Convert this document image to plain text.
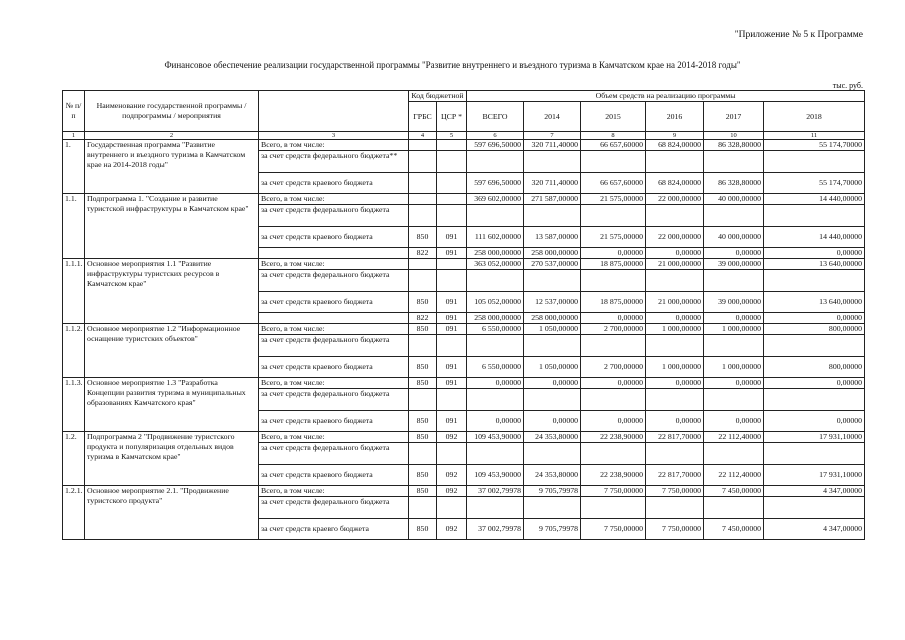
"Приложение № 5 к Программе
Финансовое обеспечение реализации государственной программы "Развитие внутреннего и въездного туризма в Камчатском крае на 2014-2018 годы"
тыс. руб.
№ п/п	Наименование государственной программы / подпрограммы / мероприятия		Код бюджетной		Объем средств на реализацию программы					
			ГРБС	ЦСР *	ВСЕГО	2014	2015	2016	2017	2018
1	2	3	4	5	6	7	8	9	10	11
1.	Государственная программа "Развитие внутреннего и въездного туризма в Камчатском крае на 2014-2018 годы"	Всего, в том числе:			597 696,50000	320 711,40000	66 657,60000	68 824,00000	86 328,80000	55 174,70000
		за счет средств федерального бюджета**								
		за счет средств краевого бюджета			597 696,50000	320 711,40000	66 657,60000	68 824,00000	86 328,80000	55 174,70000
1.1.	Подпрограмма 1. "Создание и развитие туристской инфраструктуры в Камчатском крае"	Всего, в том числе:			369 602,00000	271 587,00000	21 575,00000	22 000,00000	40 000,00000	14 440,00000
		за счет средств федерального бюджета								
		за счет средств краевого бюджета	850	091	111 602,00000	13 587,00000	21 575,00000	22 000,00000	40 000,00000	14 440,00000
			822	091	258 000,00000	258 000,00000	0,00000	0,00000	0,00000	0,00000
1.1.1.	Основное мероприятия 1.1 "Развитие инфраструктуры туристских ресурсов в Камчатском крае"	Всего, в том числе:			363 052,00000	270 537,00000	18 875,00000	21 000,00000	39 000,00000	13 640,00000
		за счет средств федерального бюджета								
		за счет средств краевого бюджета	850	091	105 052,00000	12 537,00000	18 875,00000	21 000,00000	39 000,00000	13 640,00000
			822	091	258 000,00000	258 000,00000	0,00000	0,00000	0,00000	0,00000
1.1.2.	Основное мероприятие 1.2 "Информационное оснащение туристских объектов"	Всего, в том числе:	850	091	6 550,00000	1 050,00000	2 700,00000	1 000,00000	1 000,00000	800,00000
		за счет средств федерального бюджета								
		за счет средств краевого бюджета	850	091	6 550,00000	1 050,00000	2 700,00000	1 000,00000	1 000,00000	800,00000
1.1.3.	Основное мероприятие 1.3 "Разработка Концепции развития туризма в муниципальных образованиях Камчатского края"	Всего, в том числе:	850	091	0,00000	0,00000	0,00000	0,00000	0,00000	0,00000
		за счет средств федерального бюджета								
		за счет средств краевого бюджета	850	091	0,00000	0,00000	0,00000	0,00000	0,00000	0,00000
1.2.	Подпрограмма 2 "Продвижение туристского продукта и популяризация отдельных видов туризма в Камчатском крае"	Всего, в том числе:	850	092	109 453,90000	24 353,80000	22 238,90000	22 817,70000	22 112,40000	17 931,10000
		за счет средств федерального бюджета								
		за счет средств краевого бюджета	850	092	109 453,90000	24 353,80000	22 238,90000	22 817,70000	22 112,40000	17 931,10000
1.2.1.	Основное мероприятие 2.1. "Продвижение туристского продукта"	Всего, в том числе:	850	092	37 002,79978	9 705,79978	7 750,00000	7 750,00000	7 450,00000	4 347,00000
		за счет средств федерального бюджета								
		за счет средств краевго бюджета	850	092	37 002,79978	9 705,79978	7 750,00000	7 750,00000	7 450,00000	4 347,00000
